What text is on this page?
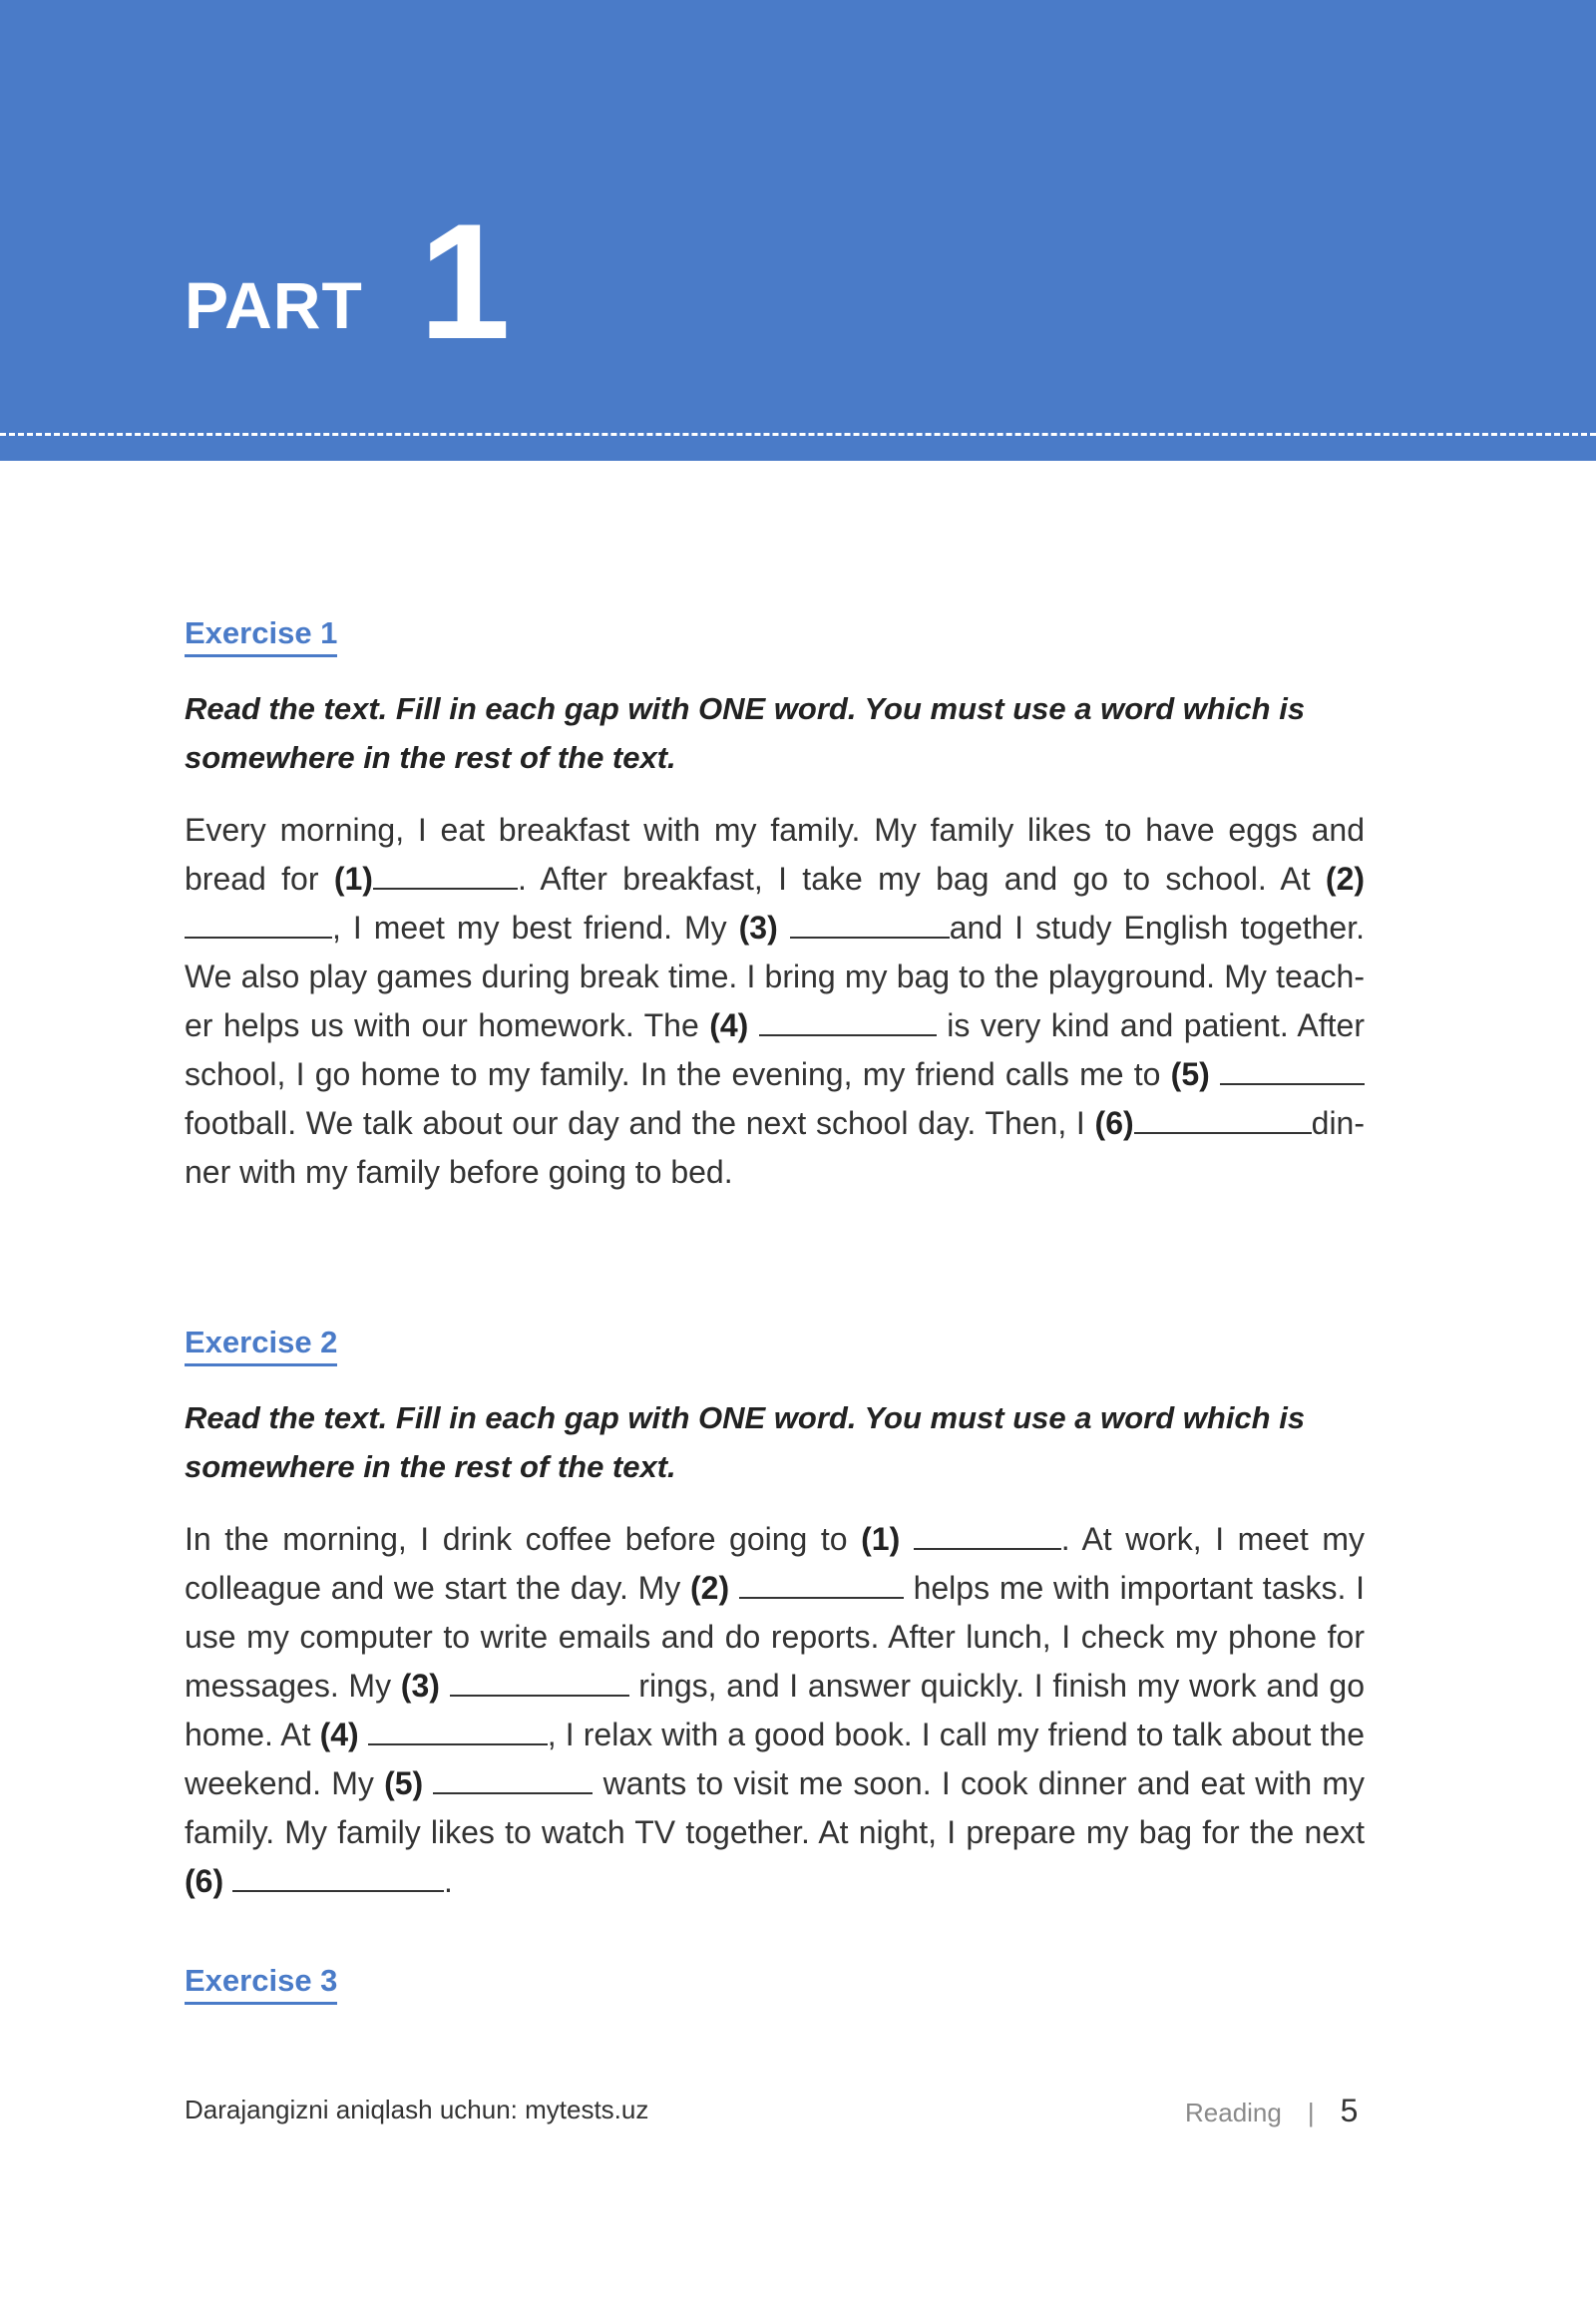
PART 1
Exercise 1

Read the text. Fill in each gap with ONE word. You must use a word which is
somewhere in the rest of the text.

Every morning, I eat breakfast with my family. My family likes to have eggs and bread for (1)	. After breakfast, I take my bag and go to school. At (2) , I meet my best friend. My (3)	and I study English together. We also play games during break time. I bring my bag to the playground. My teach-er helps us with our homework. The (4)	is very kind and patient. After school, I go home to my family. In the evening, my friend calls me to (5)  football. We talk about our day and the next school day. Then, I (6)	din-ner with my family before going to bed.

Exercise 2

Read the text. Fill in each gap with ONE word. You must use a word which is
somewhere in the rest of the text.

In the morning, I drink coffee before going to (1)	. At work, I meet my colleague and we start the day. My (2)	helps me with important tasks. I use my computer to write emails and do reports. After lunch, I check my phone for messages. My (3)	rings, and I answer quickly. I finish my work and go home. At (4)	, I relax with a good book. I call my friend to talk about the weekend. My (5)	wants to visit me soon. I cook dinner and eat with my family. My family likes to watch TV together. At night, I prepare my bag for the next (6)	.

Exercise 3
Darajangizni aniqlash uchun: mytests.uz	Reading | 5
